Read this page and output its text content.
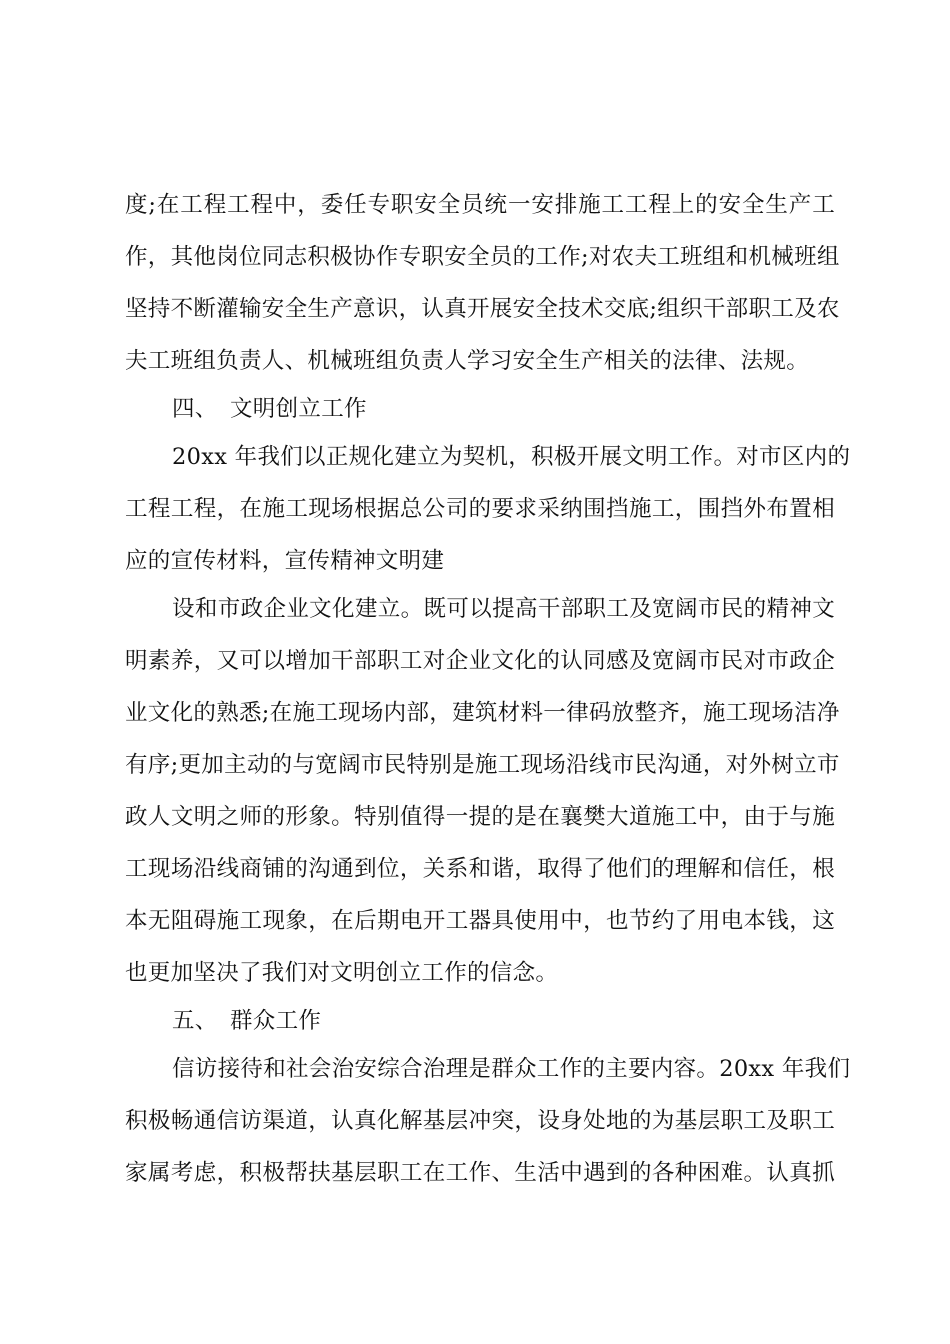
度;在工程工程中，委任专职安全员统一安排施工工程上的安全生产工
作，其他岗位同志积极协作专职安全员的工作;对农夫工班组和机械班组
坚持不断灌输安全生产意识，认真开展安全技术交底;组织干部职工及农
夫工班组负责人、机械班组负责人学习安全生产相关的法律、法规。
四、 文明创立工作
20xx 年我们以正规化建立为契机，积极开展文明工作。对市区内的
工程工程，在施工现场根据总公司的要求采纳围挡施工，围挡外布置相
应的宣传材料，宣传精神文明建
设和市政企业文化建立。既可以提高干部职工及宽阔市民的精神文
明素养，又可以增加干部职工对企业文化的认同感及宽阔市民对市政企
业文化的熟悉;在施工现场内部，建筑材料一律码放整齐，施工现场洁净
有序;更加主动的与宽阔市民特别是施工现场沿线市民沟通，对外树立市
政人文明之师的形象。特别值得一提的是在襄樊大道施工中，由于与施
工现场沿线商铺的沟通到位，关系和谐，取得了他们的理解和信任，根
本无阻碍施工现象，在后期电开工器具使用中，也节约了用电本钱，这
也更加坚决了我们对文明创立工作的信念。
五、 群众工作
信访接待和社会治安综合治理是群众工作的主要内容。20xx 年我们
积极畅通信访渠道，认真化解基层冲突，设身处地的为基层职工及职工
家属考虑，积极帮扶基层职工在工作、生活中遇到的各种困难。认真抓
